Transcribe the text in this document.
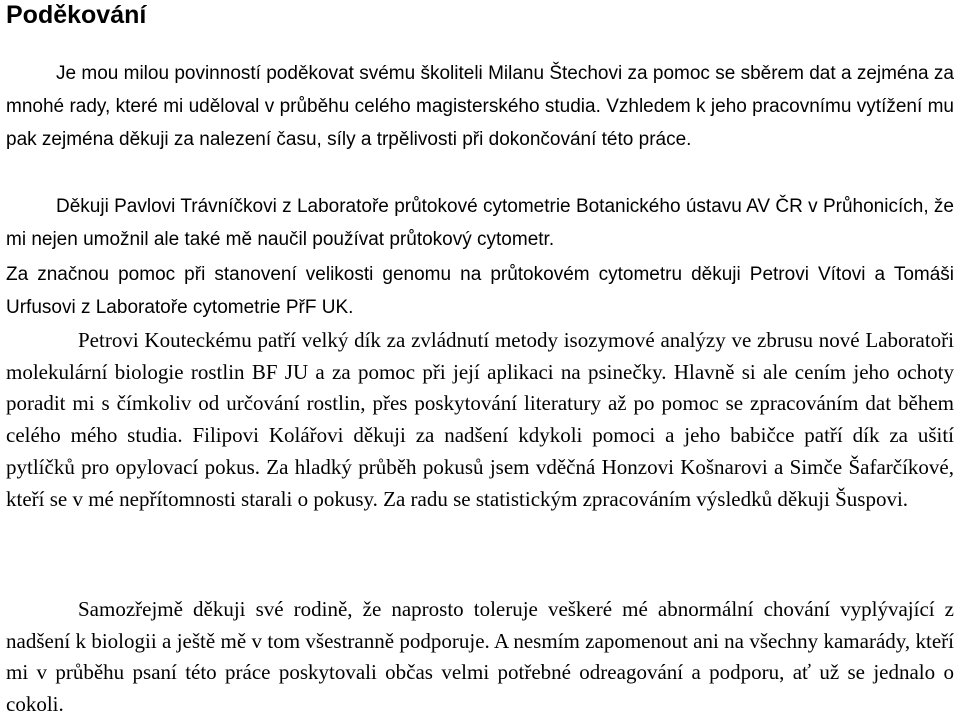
Poděkování

Je mou milou povinností poděkovat svému školiteli Milanu Štechovi za pomoc se sběrem dat a zejména za mnohé rady, které mi uděloval v průběhu celého magisterského studia. Vzhledem k jeho pracovnímu vytížení mu pak zejména děkuji za nalezení času, síly a trpělivosti při dokončování této práce.

Děkuji Pavlovi Trávníčkovi z Laboratoře průtokové cytometrie Botanického ústavu AV ČR v Průhonicích, že mi nejen umožnil ale také mě naučil používat průtokový cytometr.

Za značnou pomoc při stanovení velikosti genomu na průtokovém cytometru děkuji Petrovi Vítovi a Tomáši Urfusovi z Laboratoře cytometrie PřF UK.

Petrovi Kouteckému patří velký dík za zvládnutí metody isozymové analýzy ve zbrusu nové Laboratoři molekulární biologie rostlin BF JU a za pomoc při její aplikaci na psinečky. Hlavně si ale cením jeho ochoty poradit mi s čímkoliv od určování rostlin, přes poskytování literatury až po pomoc se zpracováním dat během celého mého studia. Filipovi Kolářovi děkuji za nadšení kdykoli pomoci a jeho babičce patří dík za ušití pytlíčků pro opylovací pokus. Za hladký průběh pokusů jsem vděčná Honzovi Košnarovi a Simče Šafarčíkové, kteří se v mé nepřítomnosti starali o pokusy. Za radu se statistickým zpracováním výsledků děkuji Šuspovi.

Samozřejmě děkuji své rodině, že naprosto toleruje veškeré mé abnormální chování vyplývající z nadšení k biologii a ještě mě v tom všestranně podporuje. A nesmím zapomenout ani na všechny kamarády, kteří mi v průběhu psaní této práce poskytovali občas velmi potřebné odreagování a podporu, ať už se jednalo o cokoli.
